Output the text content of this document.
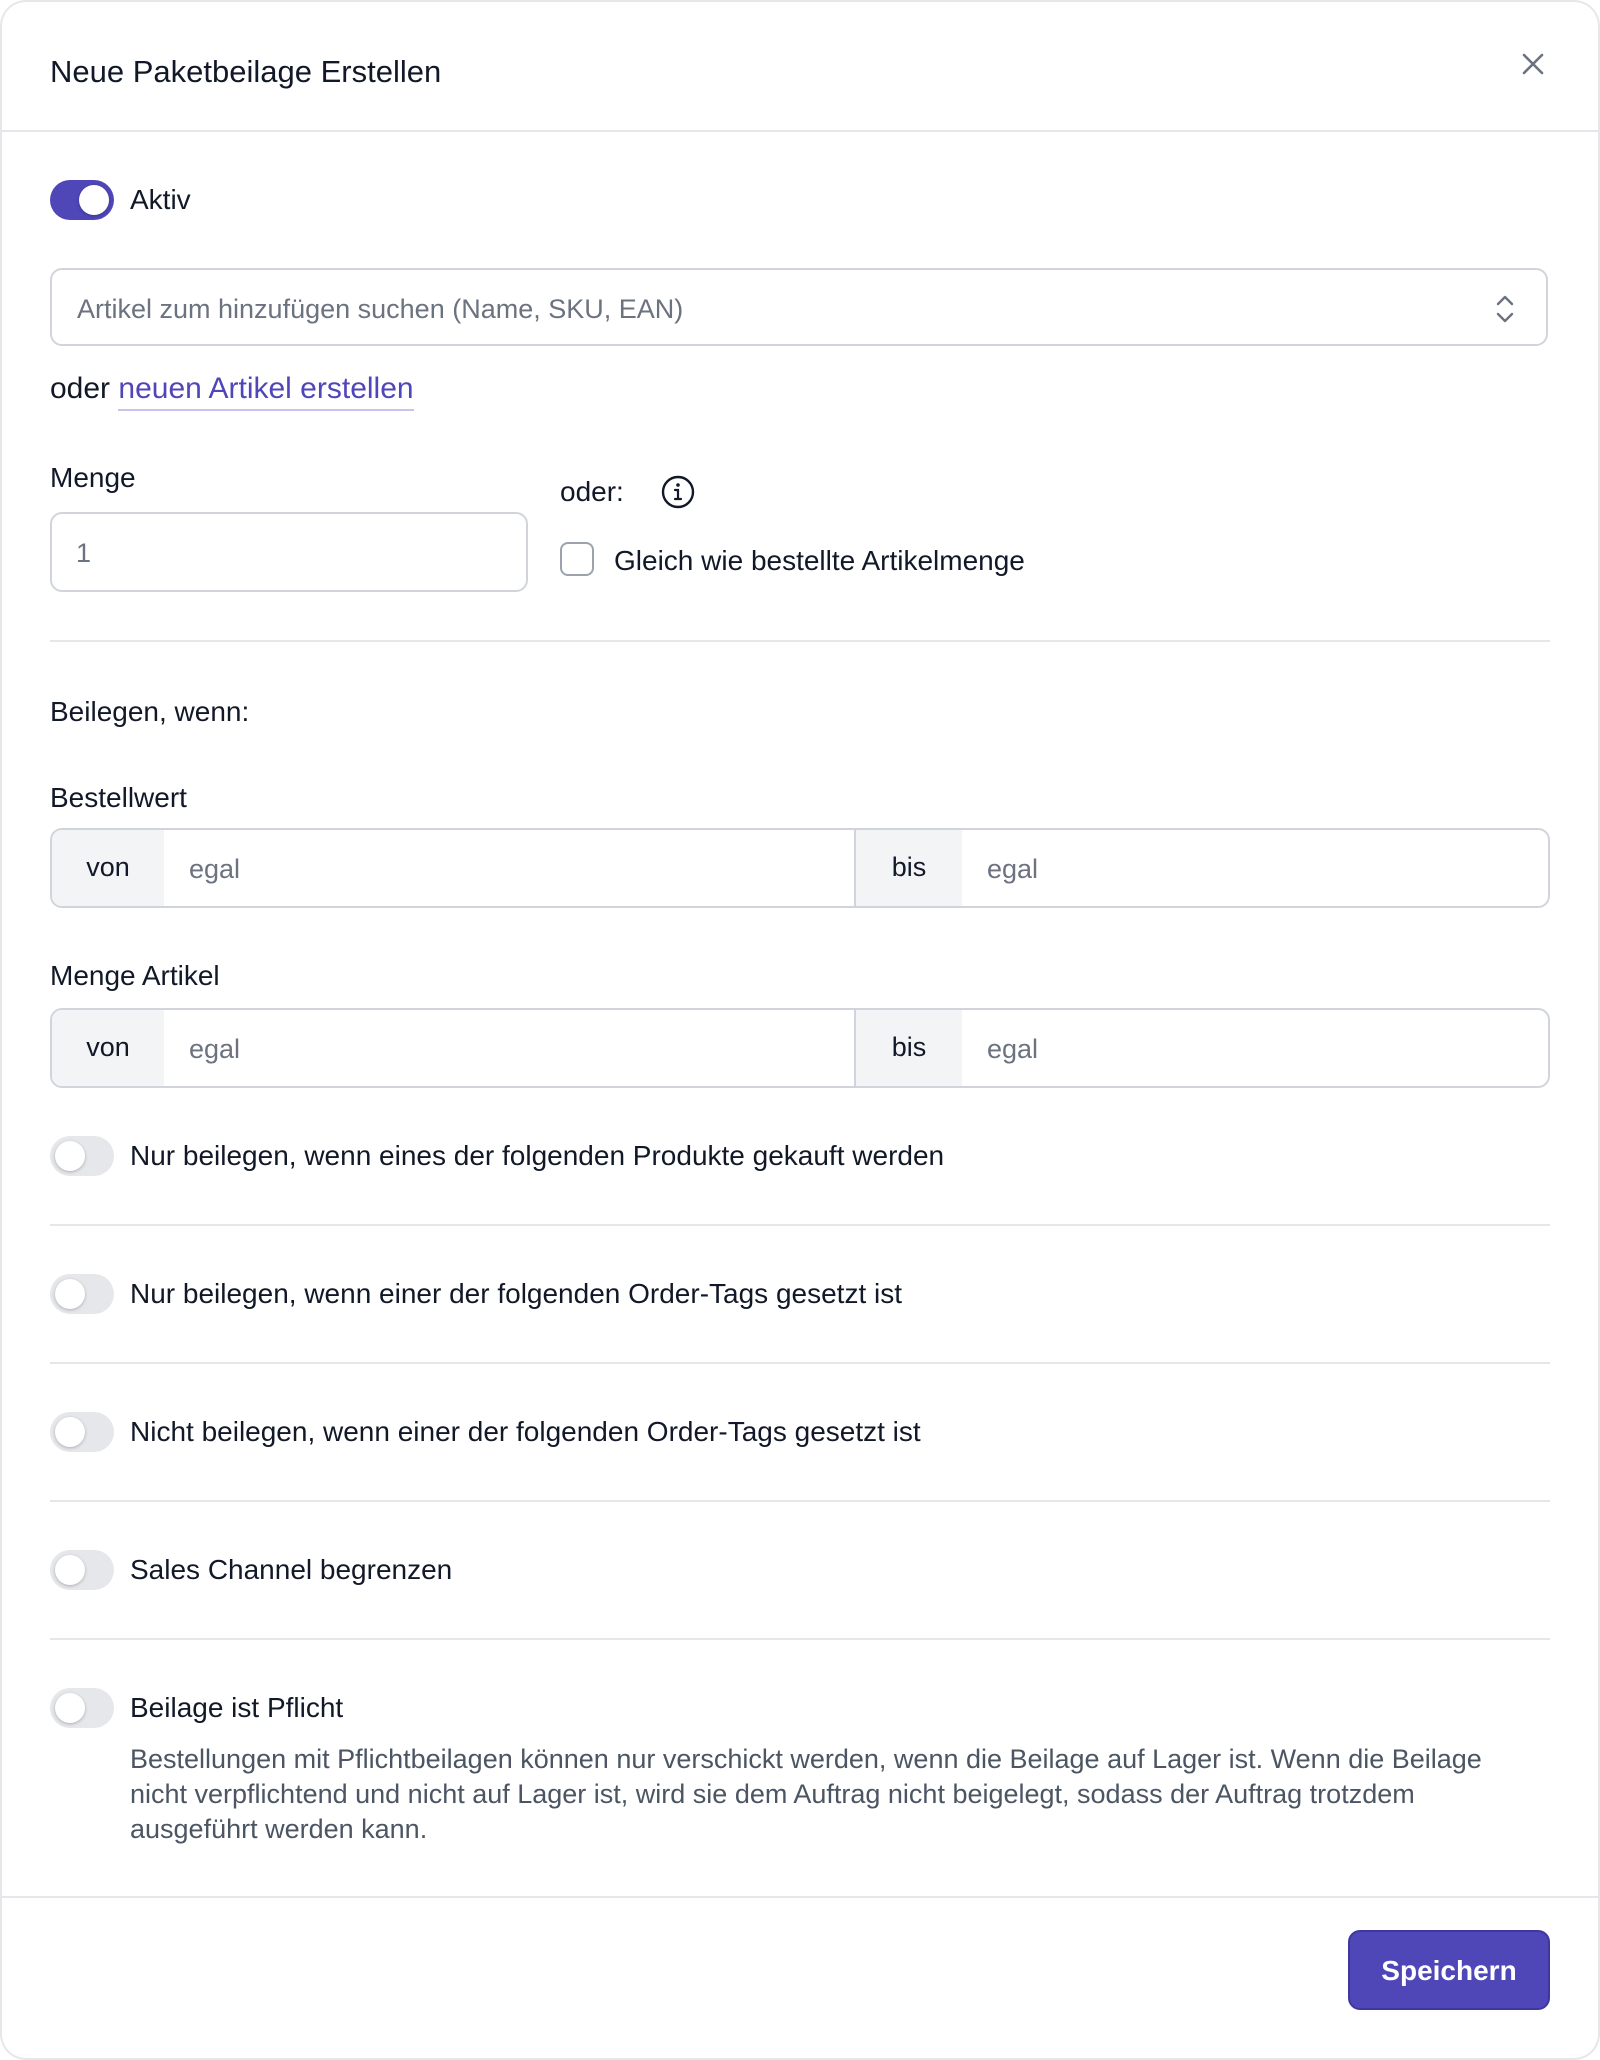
Neue Paketbeilage Erstellen
Aktiv
Artikel zum hinzufügen suchen (Name, SKU, EAN)
oder neuen Artikel erstellen
Menge
1
oder:
Gleich wie bestellte Artikelmenge
Beilegen, wenn:
Bestellwert
von	egal	bis	egal
Menge Artikel
von	egal	bis	egal
Nur beilegen, wenn eines der folgenden Produkte gekauft werden
Nur beilegen, wenn einer der folgenden Order-Tags gesetzt ist
Nicht beilegen, wenn einer der folgenden Order-Tags gesetzt ist
Sales Channel begrenzen
Beilage ist Pflicht
Bestellungen mit Pflichtbeilagen können nur verschickt werden, wenn die Beilage auf Lager ist. Wenn die Beilage nicht verpflichtend und nicht auf Lager ist, wird sie dem Auftrag nicht beigelegt, sodass der Auftrag trotzdem ausgeführt werden kann.
Speichern
